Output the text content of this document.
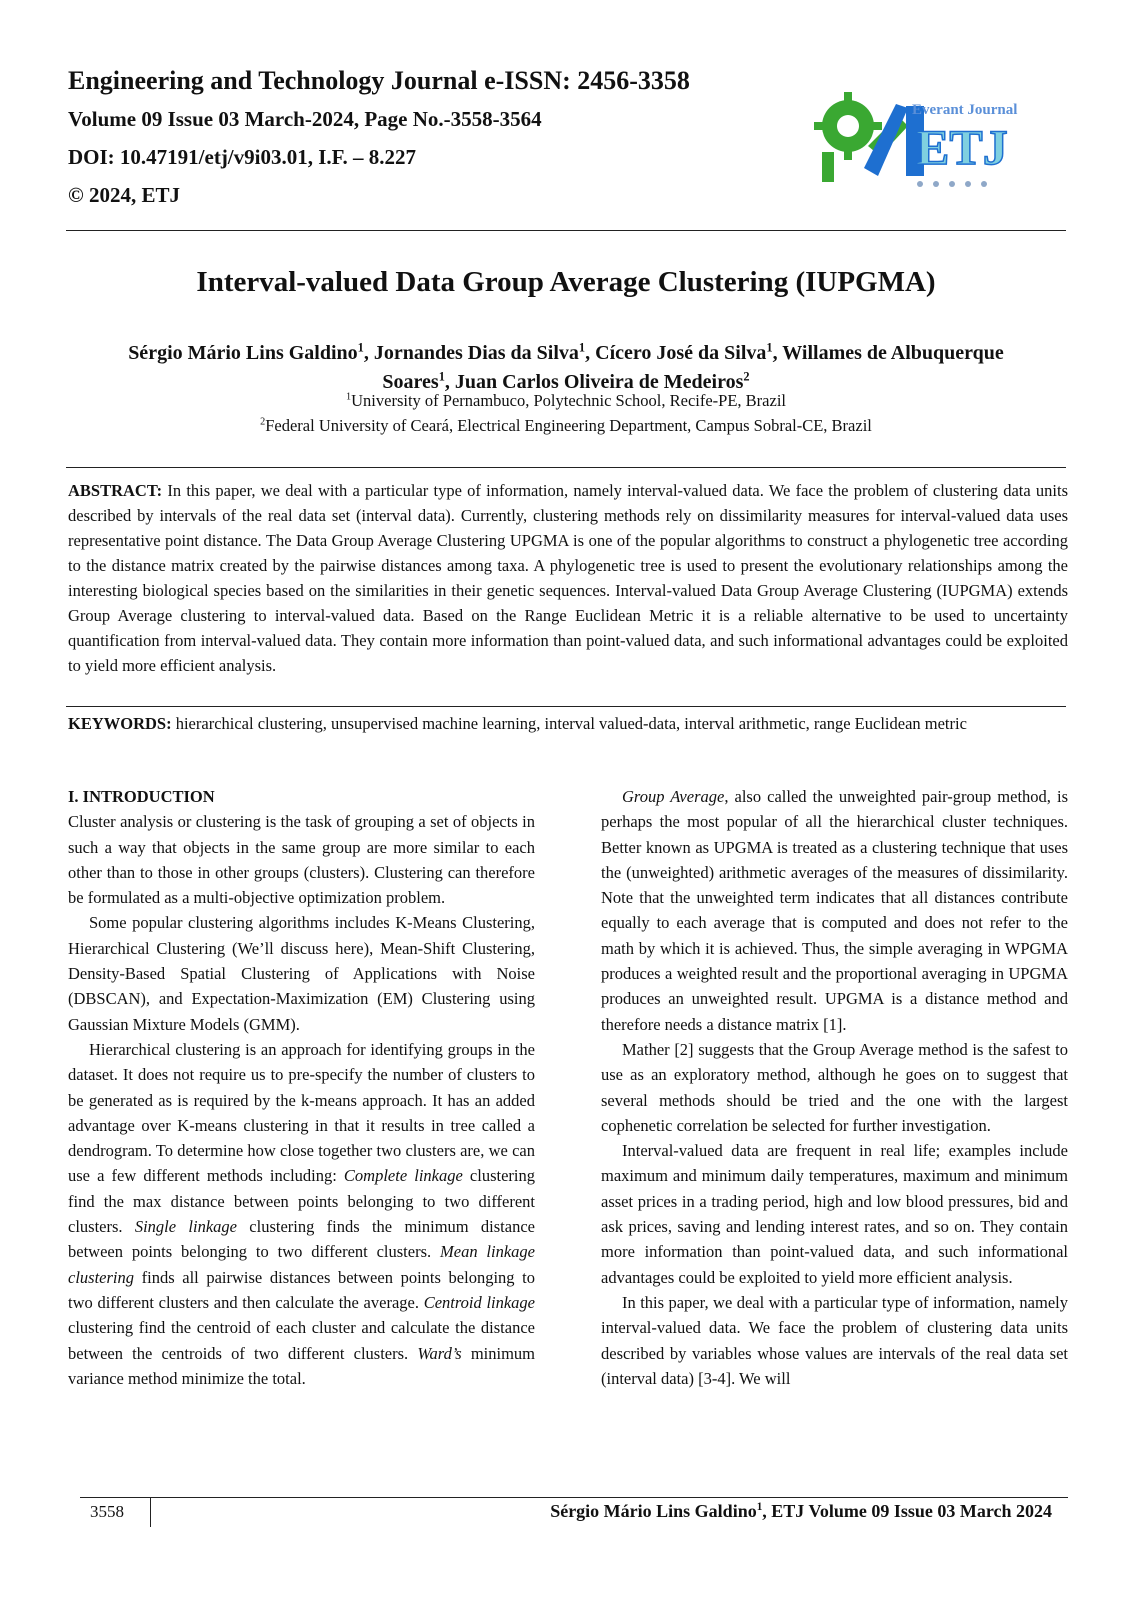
Engineering and Technology Journal e-ISSN: 2456-3358
Volume 09 Issue 03 March-2024, Page No.-3558-3564
DOI: 10.47191/etj/v9i03.01, I.F. – 8.227
© 2024, ETJ
Everant Journal
ETJ
Interval-valued Data Group Average Clustering (IUPGMA)
Sérgio Mário Lins Galdino$^1$, Jornandes Dias da Silva$^1$, Cícero José da Silva$^1$, Willames de Albuquerque Soares$^1$, Juan Carlos Oliveira de Medeiros$^2$
$^1$University of Pernambuco, Polytechnic School, Recife-PE, Brazil
$^2$Federal University of Ceará, Electrical Engineering Department, Campus Sobral-CE, Brazil
ABSTRACT: In this paper, we deal with a particular type of information, namely interval-valued data. We face the problem of clustering data units described by intervals of the real data set (interval data). Currently, clustering methods rely on dissimilarity measures for interval-valued data uses representative point distance. The Data Group Average Clustering UPGMA is one of the popular algorithms to construct a phylogenetic tree according to the distance matrix created by the pairwise distances among taxa. A phylogenetic tree is used to present the evolutionary relationships among the interesting biological species based on the similarities in their genetic sequences. Interval-valued Data Group Average Clustering (IUPGMA) extends Group Average clustering to interval-valued data. Based on the Range Euclidean Metric it is a reliable alternative to be used to uncertainty quantification from interval-valued data. They contain more information than point-valued data, and such informational advantages could be exploited to yield more efficient analysis.
KEYWORDS: hierarchical clustering, unsupervised machine learning, interval valued-data, interval arithmetic, range Euclidean metric

I. INTRODUCTION

Cluster analysis or clustering is the task of grouping a set of objects in such a way that objects in the same group are more similar to each other than to those in other groups (clusters). Clustering can therefore be formulated as a multi-objective optimization problem.

Some popular clustering algorithms includes K-Means Clustering, Hierarchical Clustering (We’ll discuss here), Mean-Shift Clustering, Density-Based Spatial Clustering of Applications with Noise (DBSCAN), and Expectation-Maximization (EM) Clustering using Gaussian Mixture Models (GMM).

Hierarchical clustering is an approach for identifying groups in the dataset. It does not require us to pre-specify the number of clusters to be generated as is required by the k-means approach. It has an added advantage over K-means clustering in that it results in tree called a dendrogram. To determine how close together two clusters are, we can use a few different methods including: Complete linkage clustering find the max distance between points belonging to two different clusters. Single linkage clustering finds the minimum distance between points belonging to two different clusters. Mean linkage clustering finds all pairwise distances between points belonging to two different clusters and then calculate the average. Centroid linkage clustering find the centroid of each cluster and calculate the distance between the centroids of two different clusters. Ward’s minimum variance method minimize the total.

Group Average, also called the unweighted pair-group method, is perhaps the most popular of all the hierarchical cluster techniques. Better known as UPGMA is treated as a clustering technique that uses the (unweighted) arithmetic averages of the measures of dissimilarity. Note that the unweighted term indicates that all distances contribute equally to each average that is computed and does not refer to the math by which it is achieved. Thus, the simple averaging in WPGMA produces a weighted result and the proportional averaging in UPGMA produces an unweighted result. UPGMA is a distance method and therefore needs a distance matrix [1].

Mather [2] suggests that the Group Average method is the safest to use as an exploratory method, although he goes on to suggest that several methods should be tried and the one with the largest cophenetic correlation be selected for further investigation.

Interval-valued data are frequent in real life; examples include maximum and minimum daily temperatures, maximum and minimum asset prices in a trading period, high and low blood pressures, bid and ask prices, saving and lending interest rates, and so on. They contain more information than point-valued data, and such informational advantages could be exploited to yield more efficient analysis.

In this paper, we deal with a particular type of information, namely interval-valued data. We face the problem of clustering data units described by variables whose values are intervals of the real data set (interval data) [3-4]. We will

3558	Sérgio Mário Lins Galdino$^1$, ETJ Volume 09 Issue 03 March 2024
